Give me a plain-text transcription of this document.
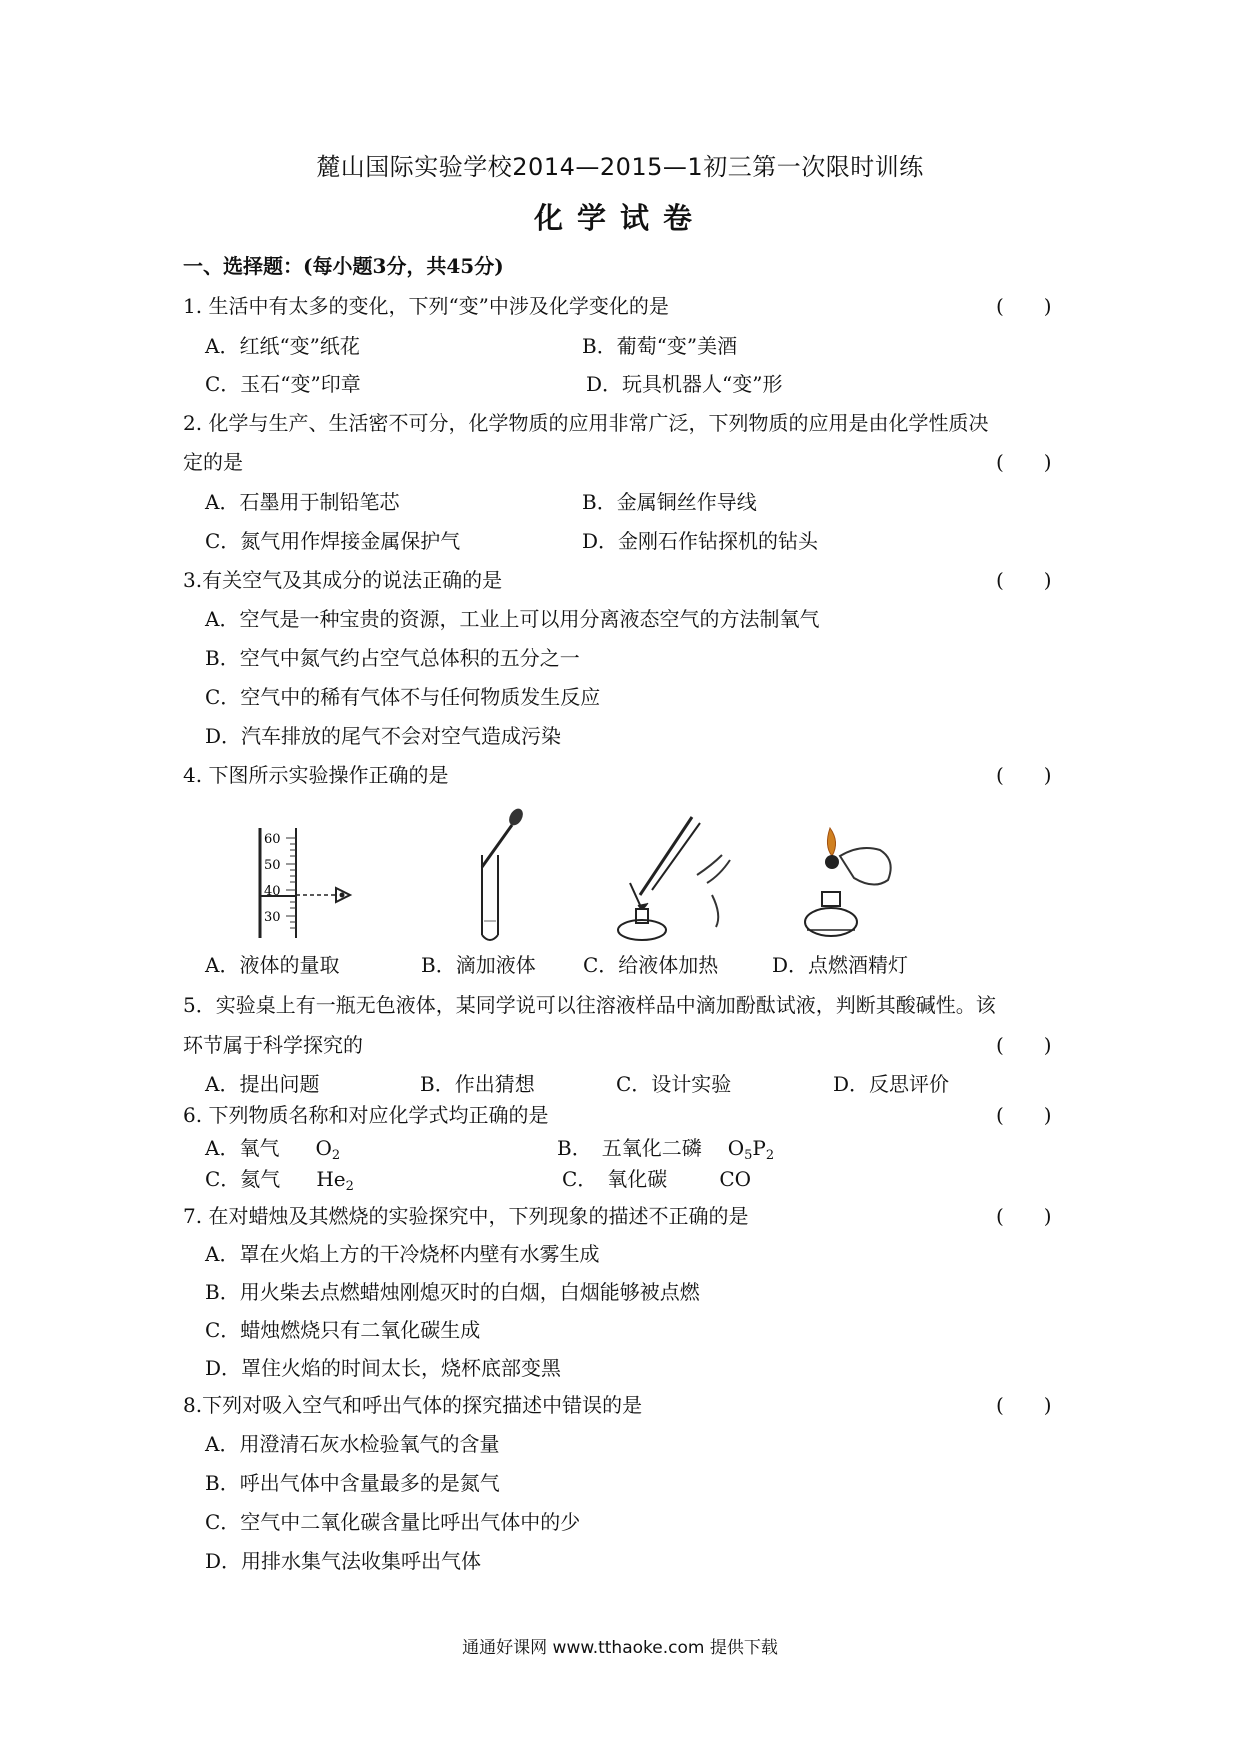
麓山国际实验学校2014—2015—1初三第一次限时训练
化学试卷
一、选择题：(每小题3分，共45分)
1. 生活中有太多的变化，下列“变”中涉及化学变化的是	(　　)
A．红纸“变”纸花	B．葡萄“变”美酒
C．玉石“变”印章	D．玩具机器人“变”形
2. 化学与生产、生活密不可分，化学物质的应用非常广泛，下列物质的应用是由化学性质决
定的是	(　　)
A．石墨用于制铅笔芯	B．金属铜丝作导线
C．氮气用作焊接金属保护气	D．金刚石作钻探机的钻头
3.有关空气及其成分的说法正确的是	(　　)
A．空气是一种宝贵的资源，工业上可以用分离液态空气的方法制氧气
B．空气中氮气约占空气总体积的五分之一
C．空气中的稀有气体不与任何物质发生反应
D．汽车排放的尾气不会对空气造成污染
4. 下图所示实验操作正确的是	(　　)
60
50
40
30
A．液体的量取	B．滴加液体 C．给液体加热	D．点燃酒精灯
5．实验桌上有一瓶无色液体，某同学说可以往溶液样品中滴加酚酞试液，判断其酸碱性。该
环节属于科学探究的	(　　)
A．提出问题	B．作出猜想	C．设计实验	D．反思评价
6. 下列物质名称和对应化学式均正确的是	(　　)
A．氧气 $O_2$	B．　五氧化二磷 $O_5P_2$
C．氦气 $He_2$	C．　氧化碳	CO
7. 在对蜡烛及其燃烧的实验探究中，下列现象的描述不正确的是	(　　)
A．罩在火焰上方的干冷烧杯内壁有水雾生成
B．用火柴去点燃蜡烛刚熄灭时的白烟，白烟能够被点燃
C．蜡烛燃烧只有二氧化碳生成
D．罩住火焰的时间太长，烧杯底部变黑
8.下列对吸入空气和呼出气体的探究描述中错误的是	(　　)
A．用澄清石灰水检验氧气的含量
B．呼出气体中含量最多的是氮气
C．空气中二氧化碳含量比呼出气体中的少
D．用排水集气法收集呼出气体
通通好课网 www.tthaoke.com 提供下载
